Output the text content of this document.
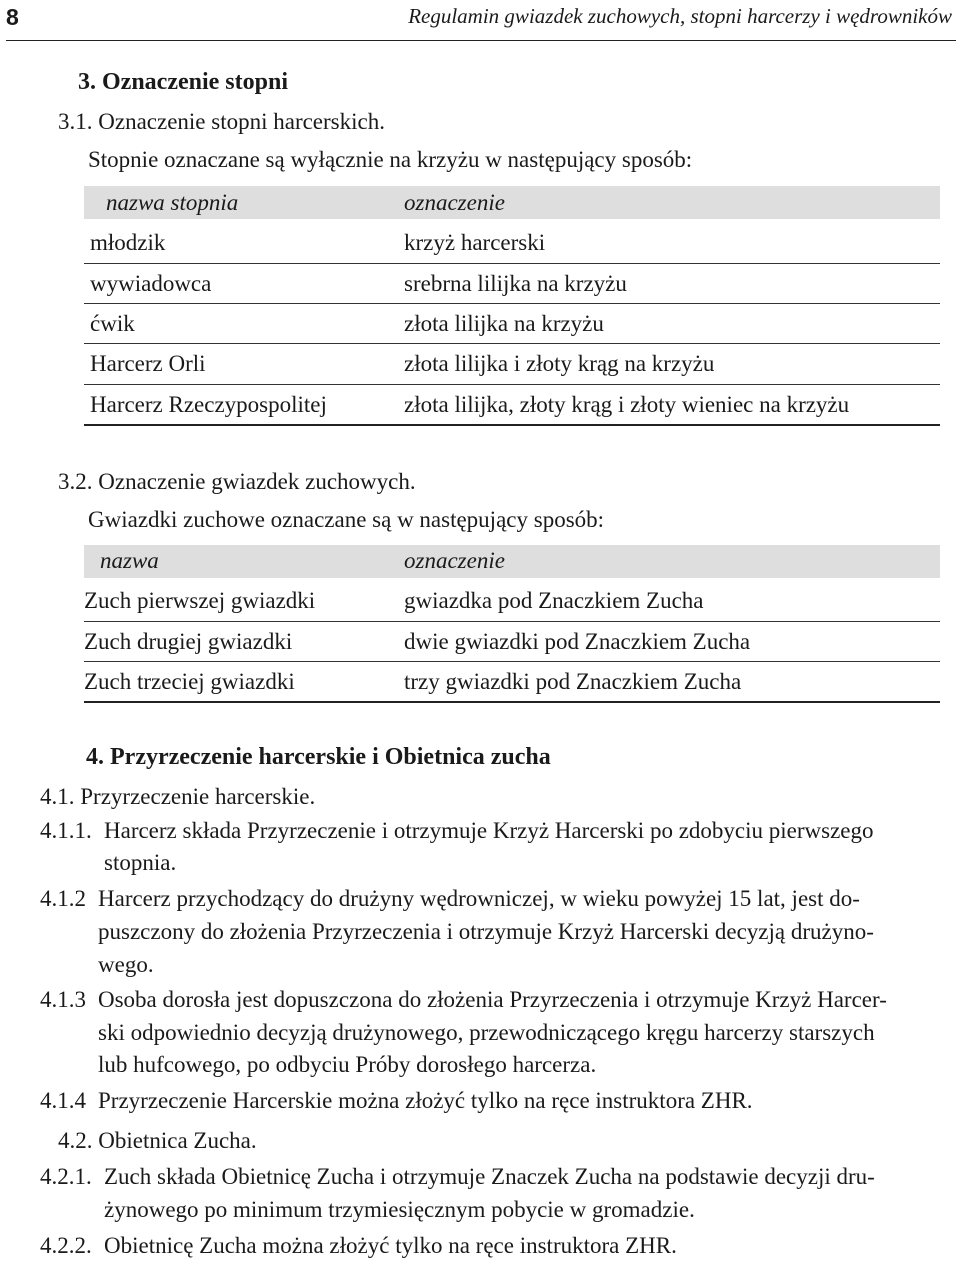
8	Regulamin gwiazdek zuchowych, stopni harcerzy i wędrowników
3. Oznaczenie stopni
3.1. Oznaczenie stopni harcerskich.
Stopnie oznaczane są wyłącznie na krzyżu w następujący sposób:
nazwa stopnia	oznaczenie
młodzik	krzyż harcerski
wywiadowca	srebrna lilijka na krzyżu
ćwik	złota lilijka na krzyżu
Harcerz Orli	złota lilijka i złoty krąg na krzyżu
Harcerz Rzeczypospolitej	złota lilijka, złoty krąg i złoty wieniec na krzyżu
3.2. Oznaczenie gwiazdek zuchowych.
Gwiazdki zuchowe oznaczane są w następujący sposób:
nazwa	oznaczenie
Zuch pierwszej gwiazdki	gwiazdka pod Znaczkiem Zucha
Zuch drugiej gwiazdki	dwie gwiazdki pod Znaczkiem Zucha
Zuch trzeciej gwiazdki	trzy gwiazdki pod Znaczkiem Zucha
4. Przyrzeczenie harcerskie i Obietnica zucha
4.1. Przyrzeczenie harcerskie.
4.1.1. Harcerz składa Przyrzeczenie i otrzymuje Krzyż Harcerski po zdobyciu pierwszego
stopnia.
4.1.2 Harcerz przychodzący do drużyny wędrowniczej, w wieku powyżej 15 lat, jest do-
puszczony do złożenia Przyrzeczenia i otrzymuje Krzyż Harcerski decyzją drużyno-
wego.
4.1.3 Osoba dorosła jest dopuszczona do złożenia Przyrzeczenia i otrzymuje Krzyż Harcer-
ski odpowiednio decyzją drużynowego, przewodniczącego kręgu harcerzy starszych
lub hufcowego, po odbyciu Próby dorosłego harcerza.
4.1.4 Przyrzeczenie Harcerskie można złożyć tylko na ręce instruktora ZHR.
4.2. Obietnica Zucha.
4.2.1. Zuch składa Obietnicę Zucha i otrzymuje Znaczek Zucha na podstawie decyzji dru-
żynowego po minimum trzymiesięcznym pobycie w gromadzie.
4.2.2. Obietnicę Zucha można złożyć tylko na ręce instruktora ZHR.
